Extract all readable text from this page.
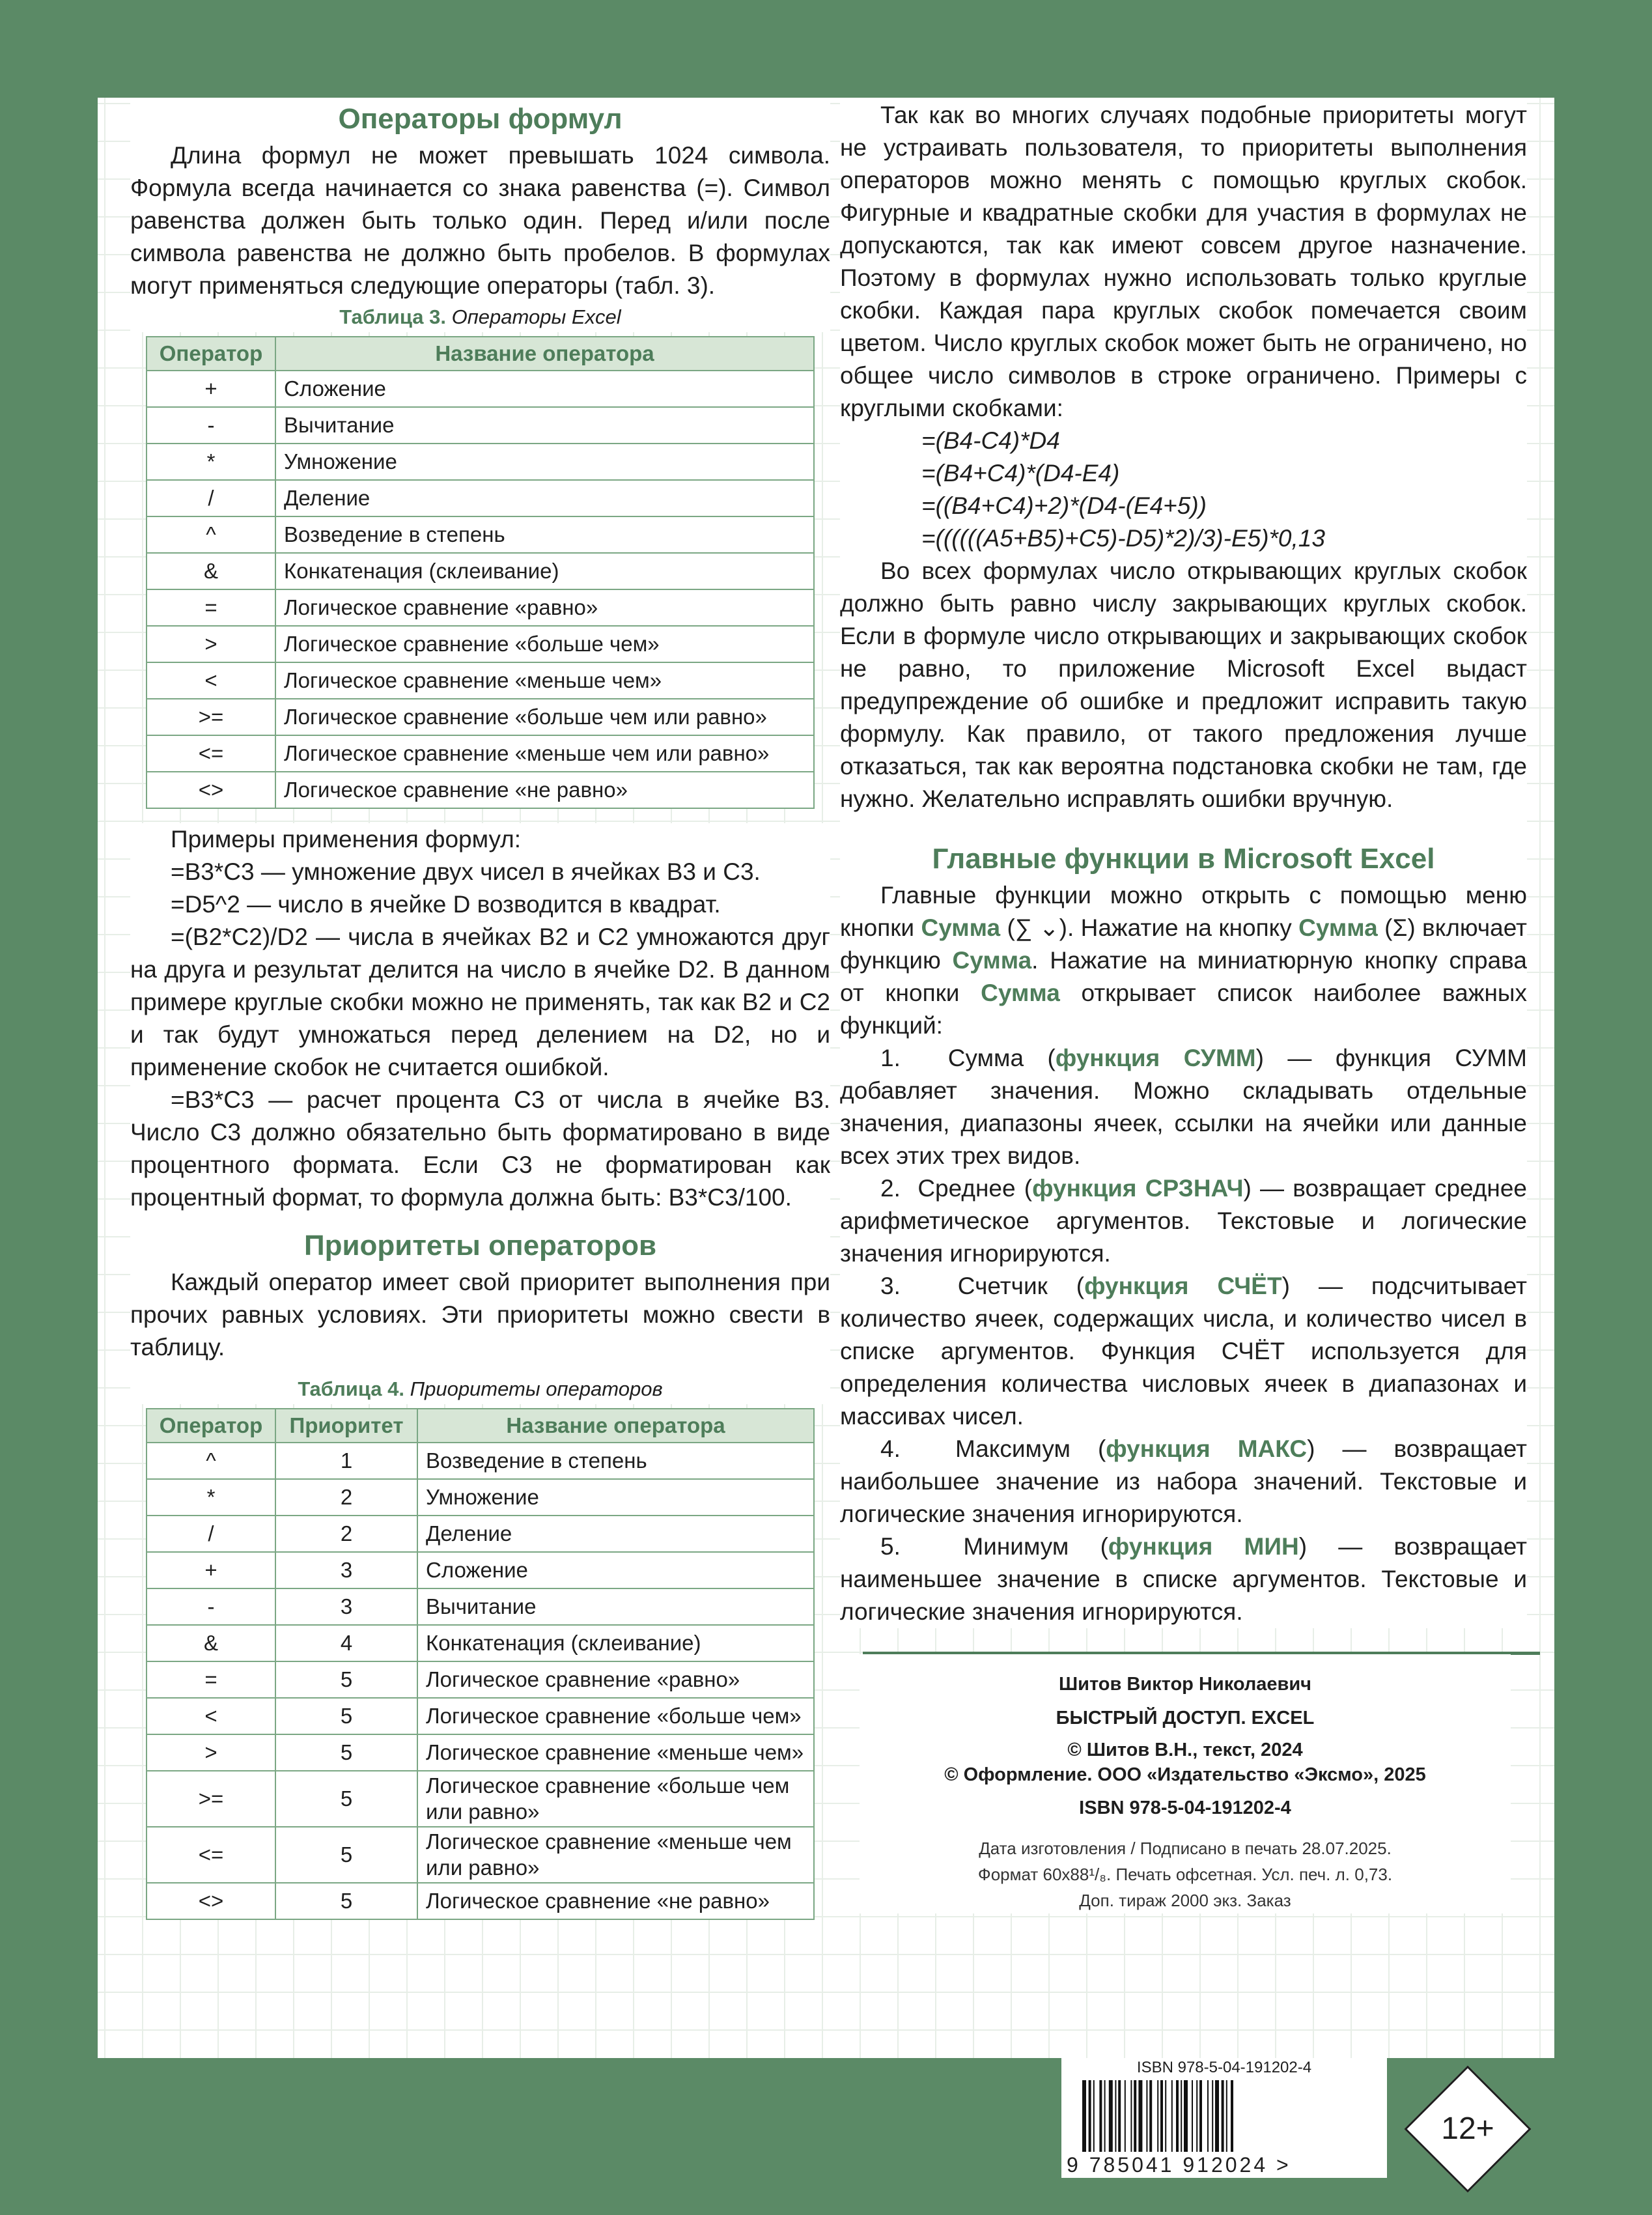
Операторы формул

Длина формул не может превышать 1024 символа. Формула всегда начинается со знака равенства (=). Символ равенства должен быть только один. Перед и/или после символа равенства не должно быть пробелов. В формулах могут применяться следующие операторы (табл. 3).

Таблица 3. Операторы Excel
Оператор	Название оператора
+	Сложение
-	Вычитание
*	Умножение
/	Деление
^	Возведение в степень
&	Конкатенация (склеивание)
=	Логическое сравнение «равно»
>	Логическое сравнение «больше чем»
<	Логическое сравнение «меньше чем»
>=	Логическое сравнение «больше чем или равно»
<=	Логическое сравнение «меньше чем или равно»
<>	Логическое сравнение «не равно»

Примеры применения формул:

=B3*C3 — умножение двух чисел в ячейках B3 и C3.

=D5^2 — число в ячейке D возводится в квадрат.

=(B2*C2)/D2 — числа в ячейках B2 и C2 умножаются друг на друга и результат делится на число в ячейке D2. В данном примере круглые скобки можно не применять, так как B2 и C2 и так будут умножаться перед делением на D2, но и применение скобок не считается ошибкой.

=B3*C3 — расчет процента C3 от числа в ячейке B3. Число C3 должно обязательно быть форматировано в виде процентного формата. Если C3 не форматирован как процентный формат, то формула должна быть: B3*C3/100.

Приоритеты операторов

Каждый оператор имеет свой приоритет выполнения при прочих равных условиях. Эти приоритеты можно свести в таблицу.

Таблица 4. Приоритеты операторов
Оператор	Приоритет	Название оператора
^	1	Возведение в степень
*	2	Умножение
/	2	Деление
+	3	Сложение
-	3	Вычитание
&	4	Конкатенация (склеивание)
=	5	Логическое сравнение «равно»
<	5	Логическое сравнение «больше чем»
>	5	Логическое сравнение «меньше чем»
>=	5	Логическое сравнение «больше чем или равно»
<=	5	Логическое сравнение «меньше чем или равно»
<>	5	Логическое сравнение «не равно»

Так как во многих случаях подобные приоритеты могут не устраивать пользователя, то приоритеты выполнения операторов можно менять с помощью круглых скобок. Фигурные и квадратные скобки для участия в формулах не допускаются, так как имеют совсем другое назначение. Поэтому в формулах нужно использовать только круглые скобки. Каждая пара круглых скобок помечается своим цветом. Число круглых скобок может быть не ограничено, но общее число символов в строке ограничено. Примеры с круглыми скобками:

=(B4-C4)*D4
=(B4+C4)*(D4-E4)
=((B4+C4)+2)*(D4-(E4+5))
=((((((A5+B5)+C5)-D5)*2)/3)-E5)*0,13

Во всех формулах число открывающих круглых скобок должно быть равно числу закрывающих круглых скобок. Если в формуле число открывающих и закрывающих скобок не равно, то приложение Microsoft Excel выдаст предупреждение об ошибке и предложит исправить такую формулу. Как правило, от такого предложения лучше отказаться, так как вероятна подстановка скобки не там, где нужно. Желательно исправлять ошибки вручную.

Главные функции в Microsoft Excel

Главные функции можно открыть с помощью меню кнопки Сумма (∑ ⌄). Нажатие на кнопку Сумма (Σ) включает функцию Сумма. Нажатие на миниатюрную кнопку справа от кнопки Сумма открывает список наиболее важных функций:

1.  Сумма (функция СУММ) — функция СУММ добавляет значения. Можно складывать отдельные значения, диапазоны ячеек, ссылки на ячейки или данные всех этих трех видов.

2.  Среднее (функция СРЗНАЧ) — возвращает среднее арифметическое аргументов. Текстовые и логические значения игнорируются.

3.  Счетчик (функция СЧЁТ) — подсчитывает количество ячеек, содержащих числа, и количество чисел в списке аргументов. Функция СЧЁТ используется для определения количества числовых ячеек в диапазонах и массивах чисел.

4.  Максимум (функция МАКС) — возвращает наибольшее значение из набора значений. Текстовые и логические значения игнорируются.

5.  Минимум (функция МИН) — возвращает наименьшее значение в списке аргументов. Текстовые и логические значения игнорируются.

Шитов Виктор Николаевич
БЫСТРЫЙ ДОСТУП. EXCEL
© Шитов В.Н., текст, 2024
© Оформление. ООО «Издательство «Эксмо», 2025
ISBN 978-5-04-191202-4
Дата изготовления / Подписано в печать 28.07.2025.
Формат 60x88¹/₈. Печать офсетная. Усл. печ. л. 0,73.
Доп. тираж 2000 экз. Заказ
ISBN 978-5-04-191202-4
9 785041 912024 >
12+
